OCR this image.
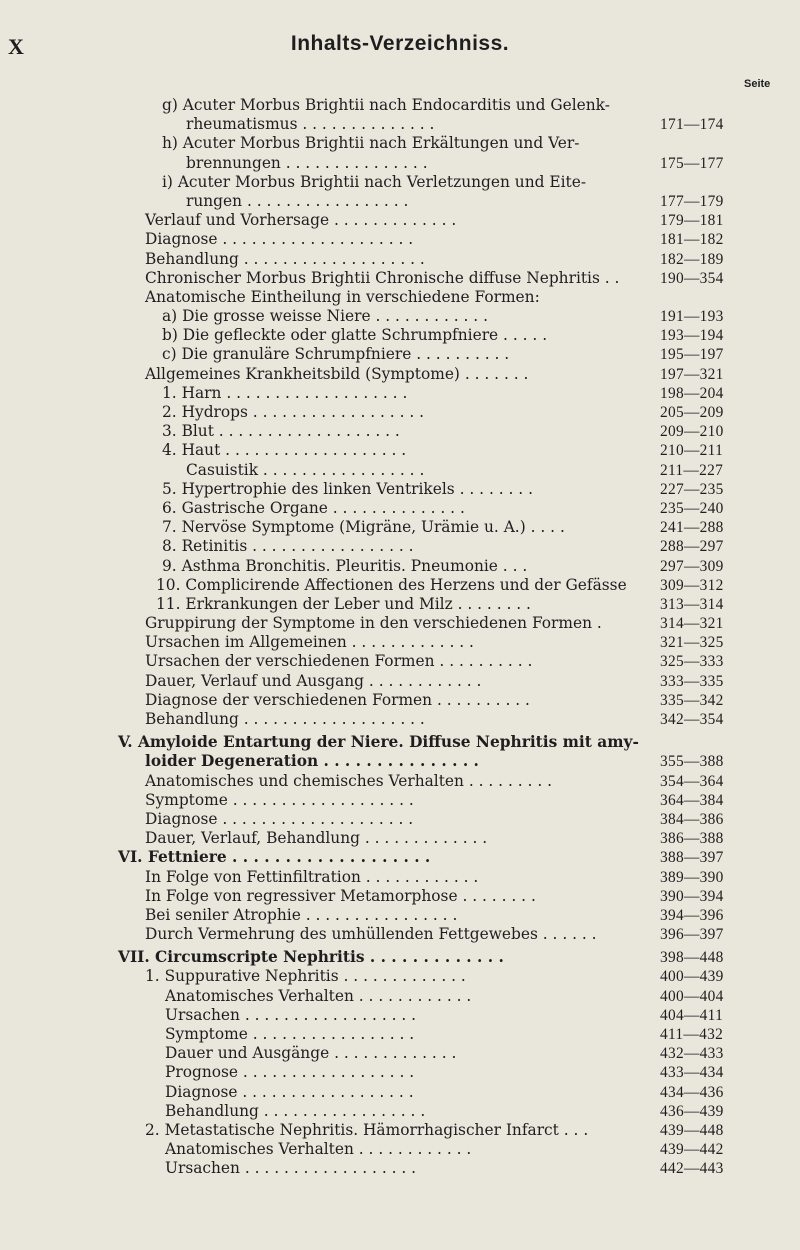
X	Inhalts-Verzeichniss.
Seite
g) Acuter Morbus Brightii nach Endocarditis und Gelenk-
rheumatismus . . . . . . . . . . . . . .	171—174
h) Acuter Morbus Brightii nach Erkältungen und Ver-
brennungen . . . . . . . . . . . . . . .	175—177
i) Acuter Morbus Brightii nach Verletzungen und Eite-
rungen . . . . . . . . . . . . . . . . .	177—179
Verlauf und Vorhersage . . . . . . . . . . . . .	179—181
Diagnose . . . . . . . . . . . . . . . . . . . .	181—182
Behandlung . . . . . . . . . . . . . . . . . . .	182—189
Chronischer Morbus Brightii Chronische diffuse Nephritis . .	190—354
Anatomische Eintheilung in verschiedene Formen:
a) Die grosse weisse Niere . . . . . . . . . . . .	191—193
b) Die gefleckte oder glatte Schrumpfniere . . . . .	193—194
c) Die granuläre Schrumpfniere . . . . . . . . . .	195—197
Allgemeines Krankheitsbild (Symptome) . . . . . . .	197—321
1. Harn . . . . . . . . . . . . . . . . . . .	198—204
2. Hydrops . . . . . . . . . . . . . . . . . .	205—209
3. Blut . . . . . . . . . . . . . . . . . . .	209—210
4. Haut . . . . . . . . . . . . . . . . . . .	210—211
Casuistik . . . . . . . . . . . . . . . . .	211—227
5. Hypertrophie des linken Ventrikels . . . . . . . .	227—235
6. Gastrische Organe . . . . . . . . . . . . . .	235—240
7. Nervöse Symptome (Migräne, Urämie u. A.) . . . .	241—288
8. Retinitis . . . . . . . . . . . . . . . . .	288—297
9. Asthma Bronchitis. Pleuritis. Pneumonie . . .	297—309
10. Complicirende Affectionen des Herzens und der Gefässe 309—312
11. Erkrankungen der Leber und Milz . . . . . . . .	313—314
Gruppirung der Symptome in den verschiedenen Formen .	314—321
Ursachen im Allgemeinen . . . . . . . . . . . . .	321—325
Ursachen der verschiedenen Formen . . . . . . . . . .	325—333
Dauer, Verlauf und Ausgang . . . . . . . . . . . .	333—335
Diagnose der verschiedenen Formen . . . . . . . . . .	335—342
Behandlung . . . . . . . . . . . . . . . . . . .	342—354
V. Amyloide Entartung der Niere. Diffuse Nephritis mit amy-
loider Degeneration . . . . . . . . . . . . . . .	355—388
Anatomisches und chemisches Verhalten . . . . . . . . .	354—364
Symptome . . . . . . . . . . . . . . . . . . .	364—384
Diagnose . . . . . . . . . . . . . . . . . . . .	384—386
Dauer, Verlauf, Behandlung . . . . . . . . . . . . .	386—388
VI. Fettniere . . . . . . . . . . . . . . . . . . .	388—397
In Folge von Fettinfiltration . . . . . . . . . . . .	389—390
In Folge von regressiver Metamorphose . . . . . . . .	390—394
Bei seniler Atrophie . . . . . . . . . . . . . . . .	394—396
Durch Vermehrung des umhüllenden Fettgewebes . . . . . .	396—397
VII. Circumscripte Nephritis . . . . . . . . . . . . .	398—448
1. Suppurative Nephritis . . . . . . . . . . . . .	400—439
Anatomisches Verhalten . . . . . . . . . . . .	400—404
Ursachen . . . . . . . . . . . . . . . . . .	404—411
Symptome . . . . . . . . . . . . . . . . .	411—432
Dauer und Ausgänge . . . . . . . . . . . . .	432—433
Prognose . . . . . . . . . . . . . . . . . .	433—434
Diagnose . . . . . . . . . . . . . . . . . .	434—436
Behandlung . . . . . . . . . . . . . . . . .	436—439
2. Metastatische Nephritis. Hämorrhagischer Infarct . . .	439—448
Anatomisches Verhalten . . . . . . . . . . . .	439—442
Ursachen . . . . . . . . . . . . . . . . . .	442—443
